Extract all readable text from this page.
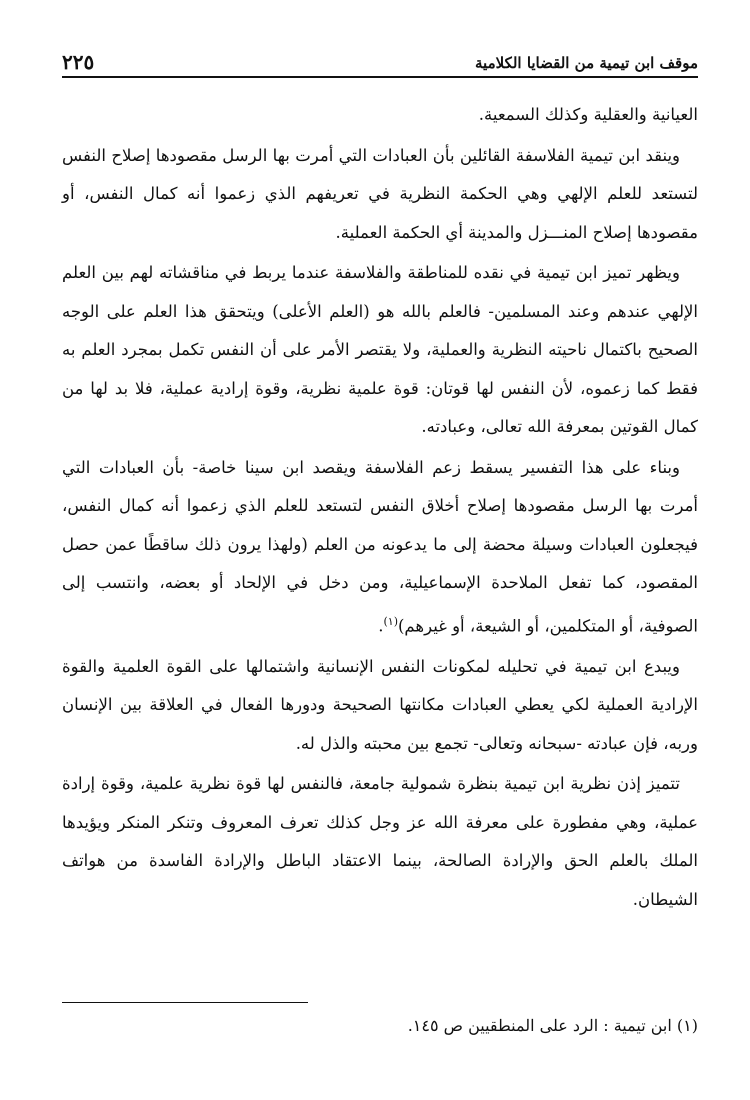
موقف ابن تيمية من القضايا الكلامية
٢٢٥

العيانية والعقلية وكذلك السمعية.

وينقد ابن تيمية الفلاسفة القائلين بأن العبادات التي أمرت بها الرسل مقصودها إصلاح النفس لتستعد للعلم الإلهي وهي الحكمة النظرية في تعريفهم الذي زعموا أنه كمال النفس، أو مقصودها إصلاح المنـــزل والمدينة أي الحكمة العملية.

ويظهر تميز ابن تيمية في نقده للمناطقة والفلاسفة عندما يربط في مناقشاته لهم بين العلم الإلهي عندهم وعند المسلمين- فالعلم بالله هو (العلم الأعلى) ويتحقق هذا العلم على الوجه الصحيح باكتمال ناحيته النظرية والعملية، ولا يقتصر الأمر على أن النفس تكمل بمجرد العلم به فقط كما زعموه، لأن النفس لها قوتان: قوة علمية نظرية، وقوة إرادية عملية، فلا بد لها من كمال القوتين بمعرفة الله تعالى، وعبادته.

وبناء على هذا التفسير يسقط زعم الفلاسفة ويقصد ابن سينا خاصة- بأن العبادات التي أمرت بها الرسل مقصودها إصلاح أخلاق النفس لتستعد للعلم الذي زعموا أنه كمال النفس، فيجعلون العبادات وسيلة محضة إلى ما يدعونه من العلم (ولهذا يرون ذلك ساقطًا عمن حصل المقصود، كما تفعل الملاحدة الإسماعيلية، ومن دخل في الإلحاد أو بعضه، وانتسب إلى الصوفية، أو المتكلمين، أو الشيعة، أو غيرهم)$^{(١)}$.

ويبدع ابن تيمية في تحليله لمكونات النفس الإنسانية واشتمالها على القوة العلمية والقوة الإرادية العملية لكي يعطي العبادات مكانتها الصحيحة ودورها الفعال في العلاقة بين الإنسان وربه، فإن عبادته -سبحانه وتعالى- تجمع بين محبته والذل له.

تتميز إذن نظرية ابن تيمية بنظرة شمولية جامعة، فالنفس لها قوة نظرية علمية، وقوة إرادة عملية، وهي مفطورة على معرفة الله عز وجل كذلك تعرف المعروف وتنكر المنكر ويؤيدها الملك بالعلم الحق والإرادة الصالحة، بينما الاعتقاد الباطل والإرادة الفاسدة من هواتف الشيطان.

(١) ابن تيمية : الرد على المنطقيين ص ١٤٥.
